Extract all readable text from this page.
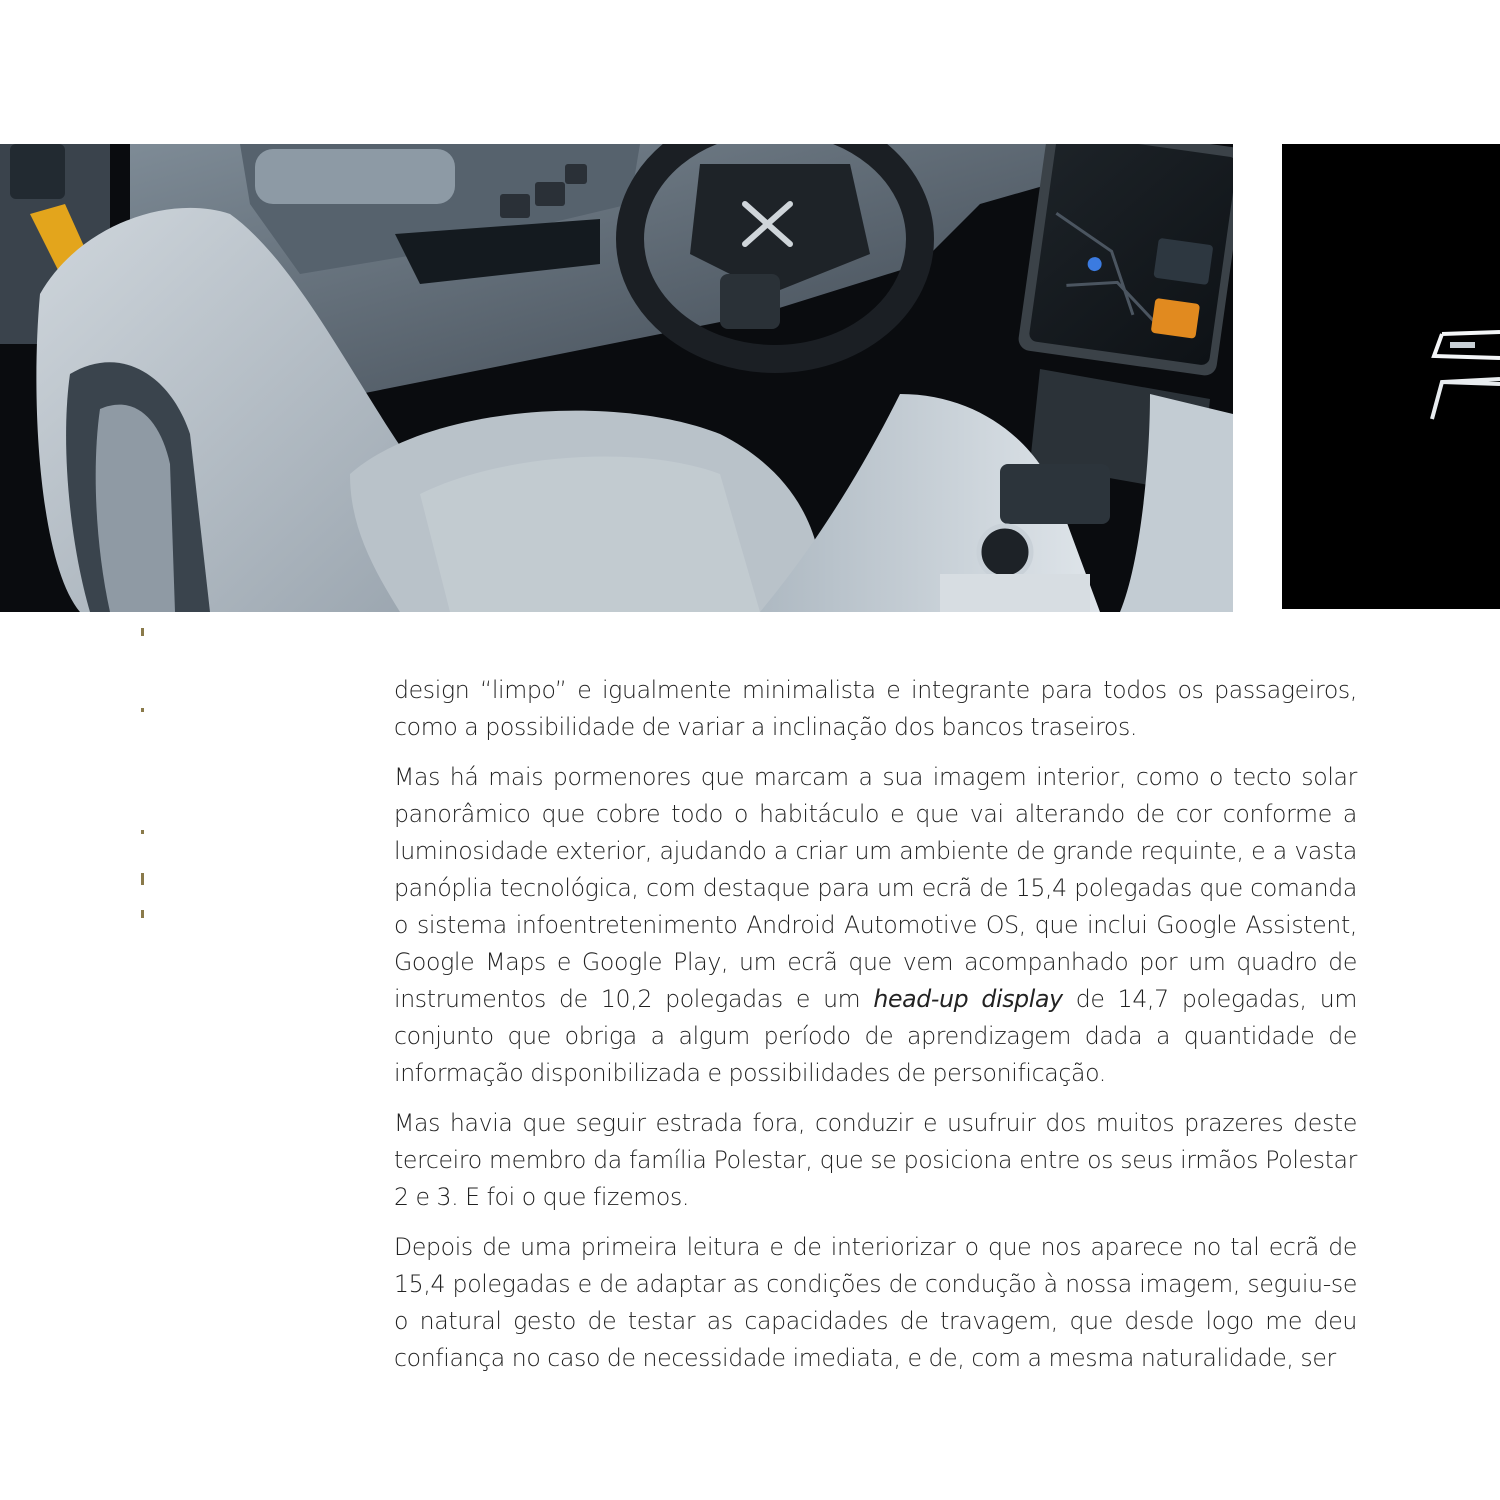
design “limpo” e igualmente minimalista e integrante para todos os passageiros, como a possibilidade de variar a inclinação dos bancos traseiros.

Mas há mais pormenores que marcam a sua imagem interior, como o tecto solar panorâmico que cobre todo o habitáculo e que vai alterando de cor conforme a luminosidade exterior, ajudando a criar um ambiente de grande requinte, e a vasta panóplia tecnológica, com destaque para um ecrã de 15,4 polegadas que comanda o sistema infoentretenimento Android Automotive OS, que inclui Google Assistent, Google Maps e Google Play, um ecrã que vem acompanhado por um quadro de instrumentos de 10,2 polegadas e um head-up display de 14,7 polegadas, um conjunto que obriga a algum período de aprendizagem dada a quantidade de informação disponibilizada e possibilidades de personificação.

Mas havia que seguir estrada fora, conduzir e usufruir dos muitos prazeres deste terceiro membro da família Polestar, que se posiciona entre os seus irmãos Polestar 2 e 3. E foi o que fizemos.

Depois de uma primeira leitura e de interiorizar o que nos aparece no tal ecrã de 15,4 polegadas e de adaptar as condições de condução à nossa imagem, seguiu-se o natural gesto de testar as capacidades de travagem, que desde logo me deu confiança no caso de necessidade imediata, e de, com a mesma naturalidade, ser
